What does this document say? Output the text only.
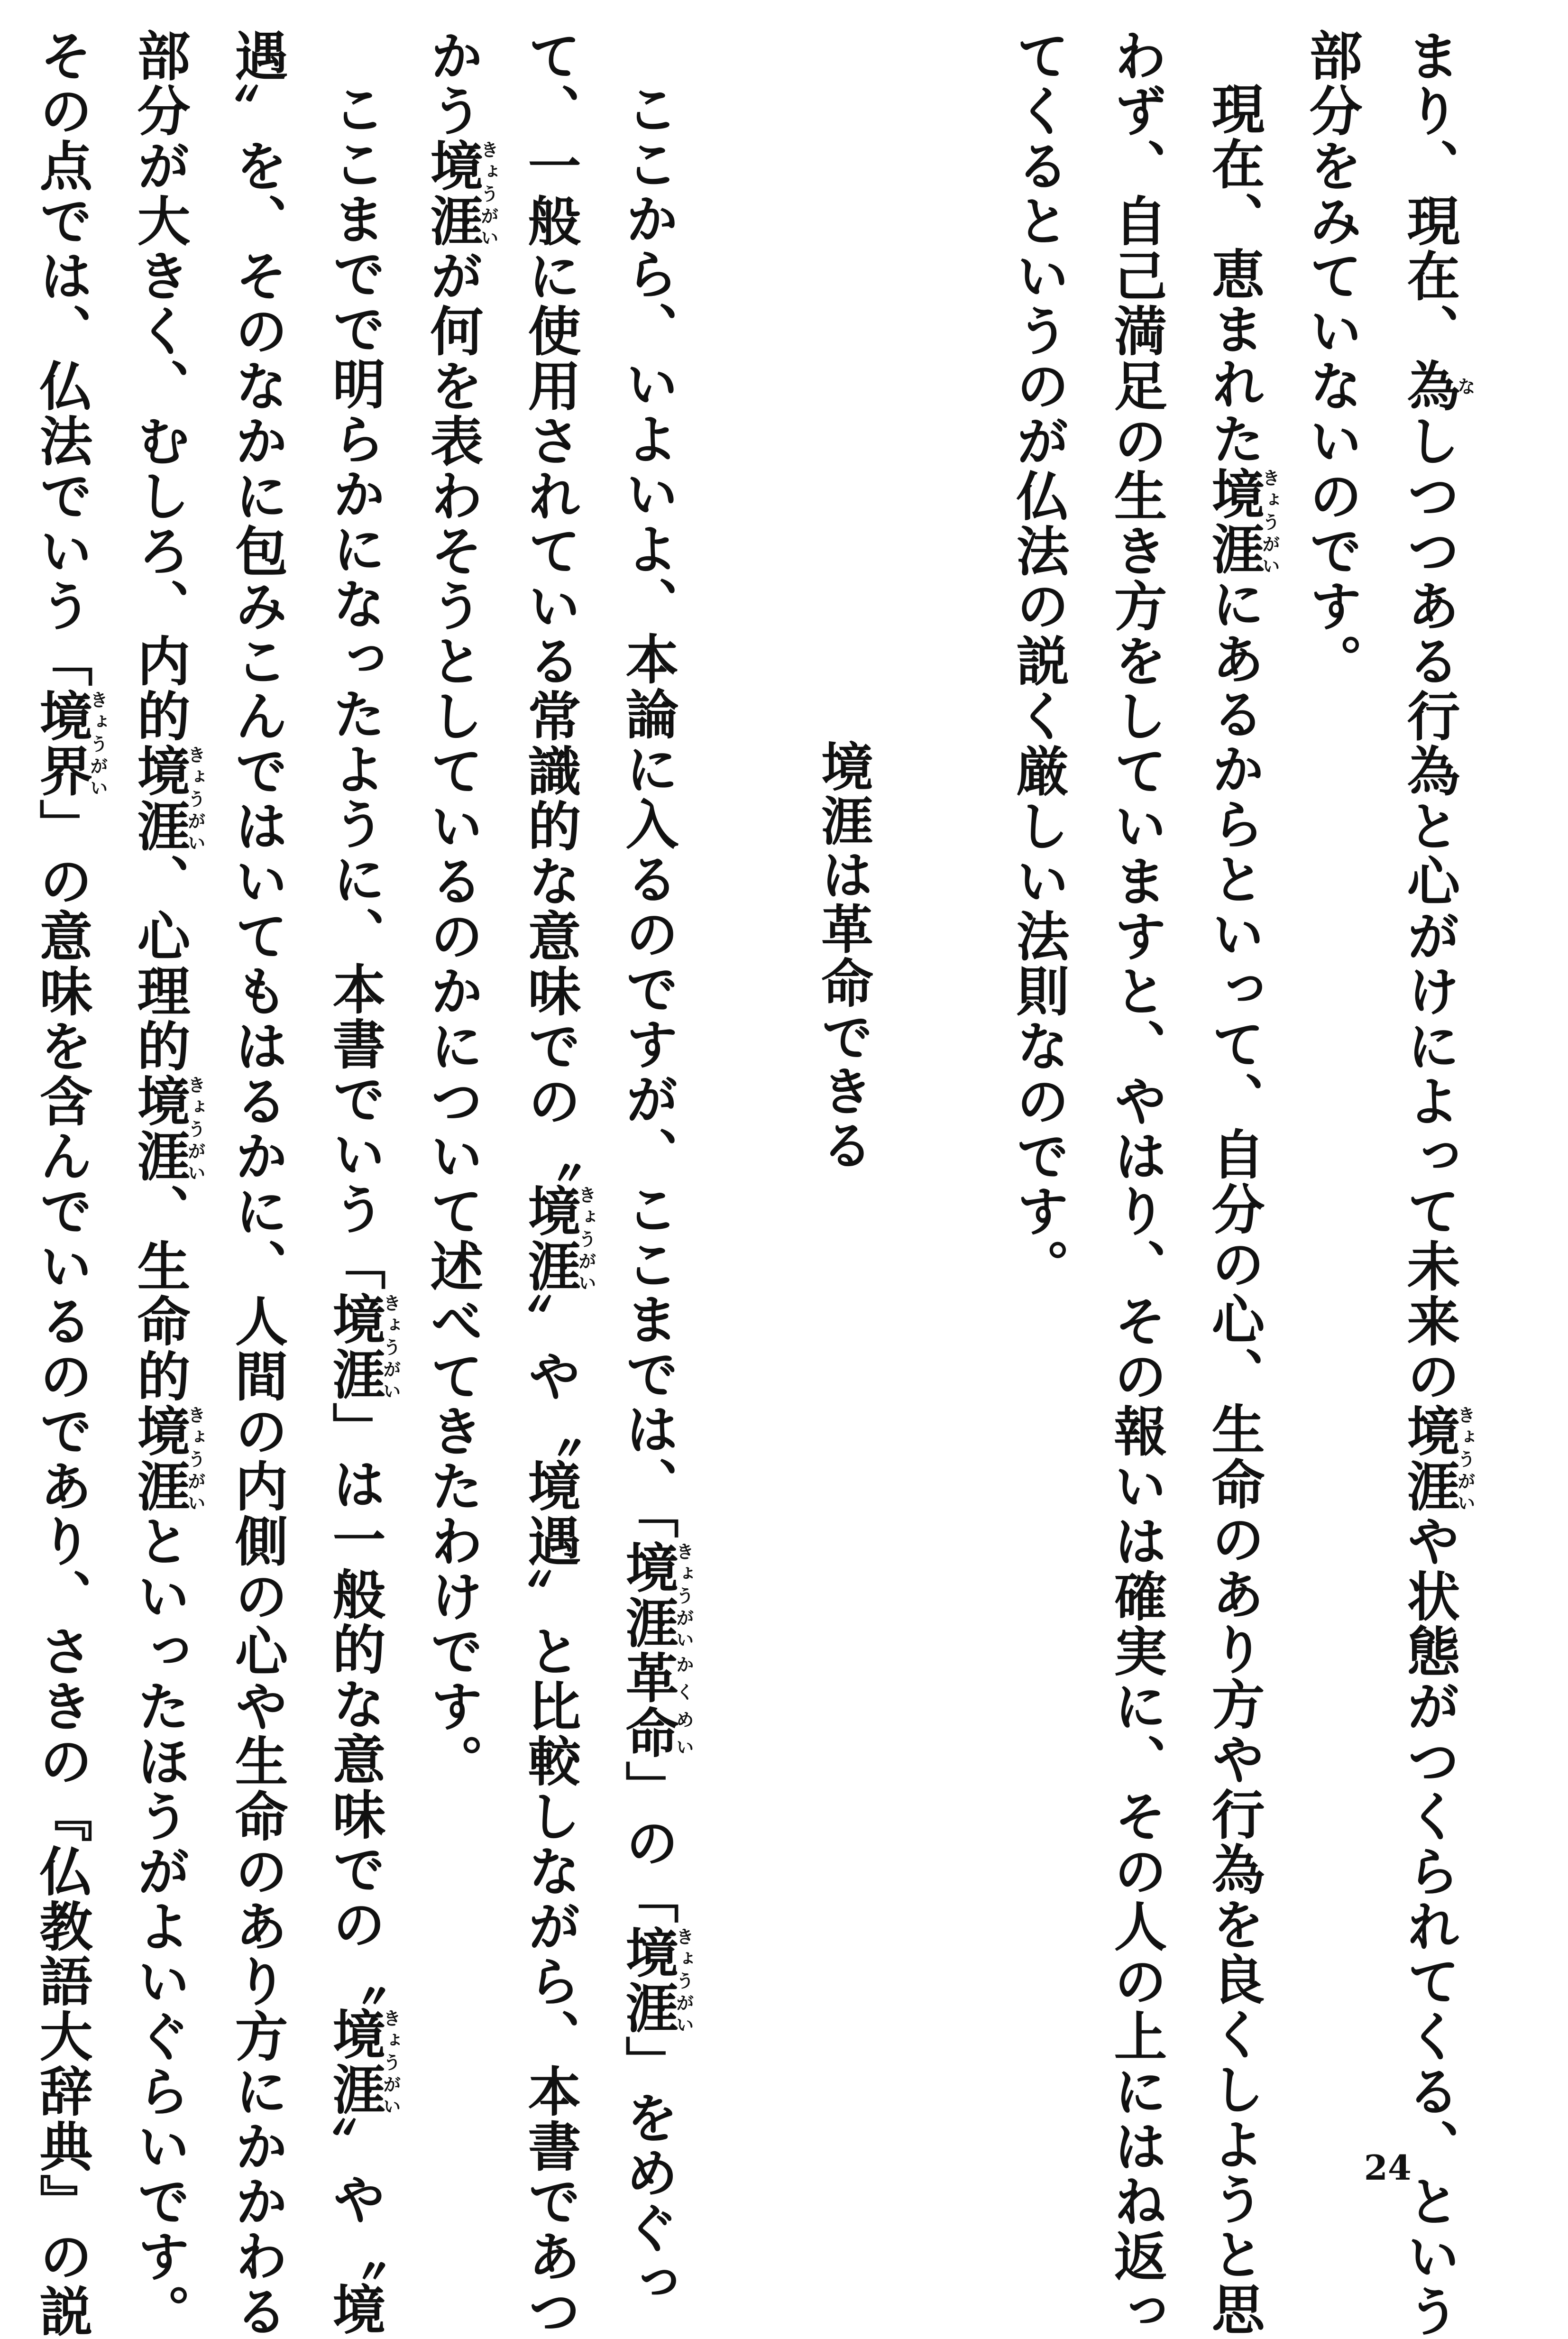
まり、現在、為なしつつある行為と心がけによって未来の境涯きょうがいや状態がつくられてくる、という
部分をみていないのです。
現在、恵まれた境涯きょうがいにあるからといって、自分の心、生命のあり方や行為を良くしようと思
わず、自己満足の生き方をしていますと、やはり、その報いは確実に、その人の上にはね返っ
てくるというのが仏法の説く厳しい法則なのです。

境涯は革命できる

ここから、いよいよ、本論に入るのですが、ここまでは、「境涯きょうがい革命かくめい」の「境涯きょうがい」をめぐっ
て、一般に使用されている常識的な意味での〝境涯きょうがい〟や〝境遇〟と比較しながら、本書であつ
かう境涯きょうがいが何を表わそうとしているのかについて述べてきたわけです。
ここまでで明らかになったように、本書でいう「境涯きょうがい」は一般的な意味での〝境涯きょうがい〟や〝境
遇〟を、そのなかに包みこんではいてもはるかに、人間の内側の心や生命のあり方にかかわる
部分が大きく、むしろ、内的境涯きょうがい、心理的境涯きょうがい、生命的境涯きょうがいといったほうがよいぐらいです。
その点では、仏法でいう「境界きょうがい」の意味を含んでいるのであり、さきの『仏教語大辞典』の説	24
